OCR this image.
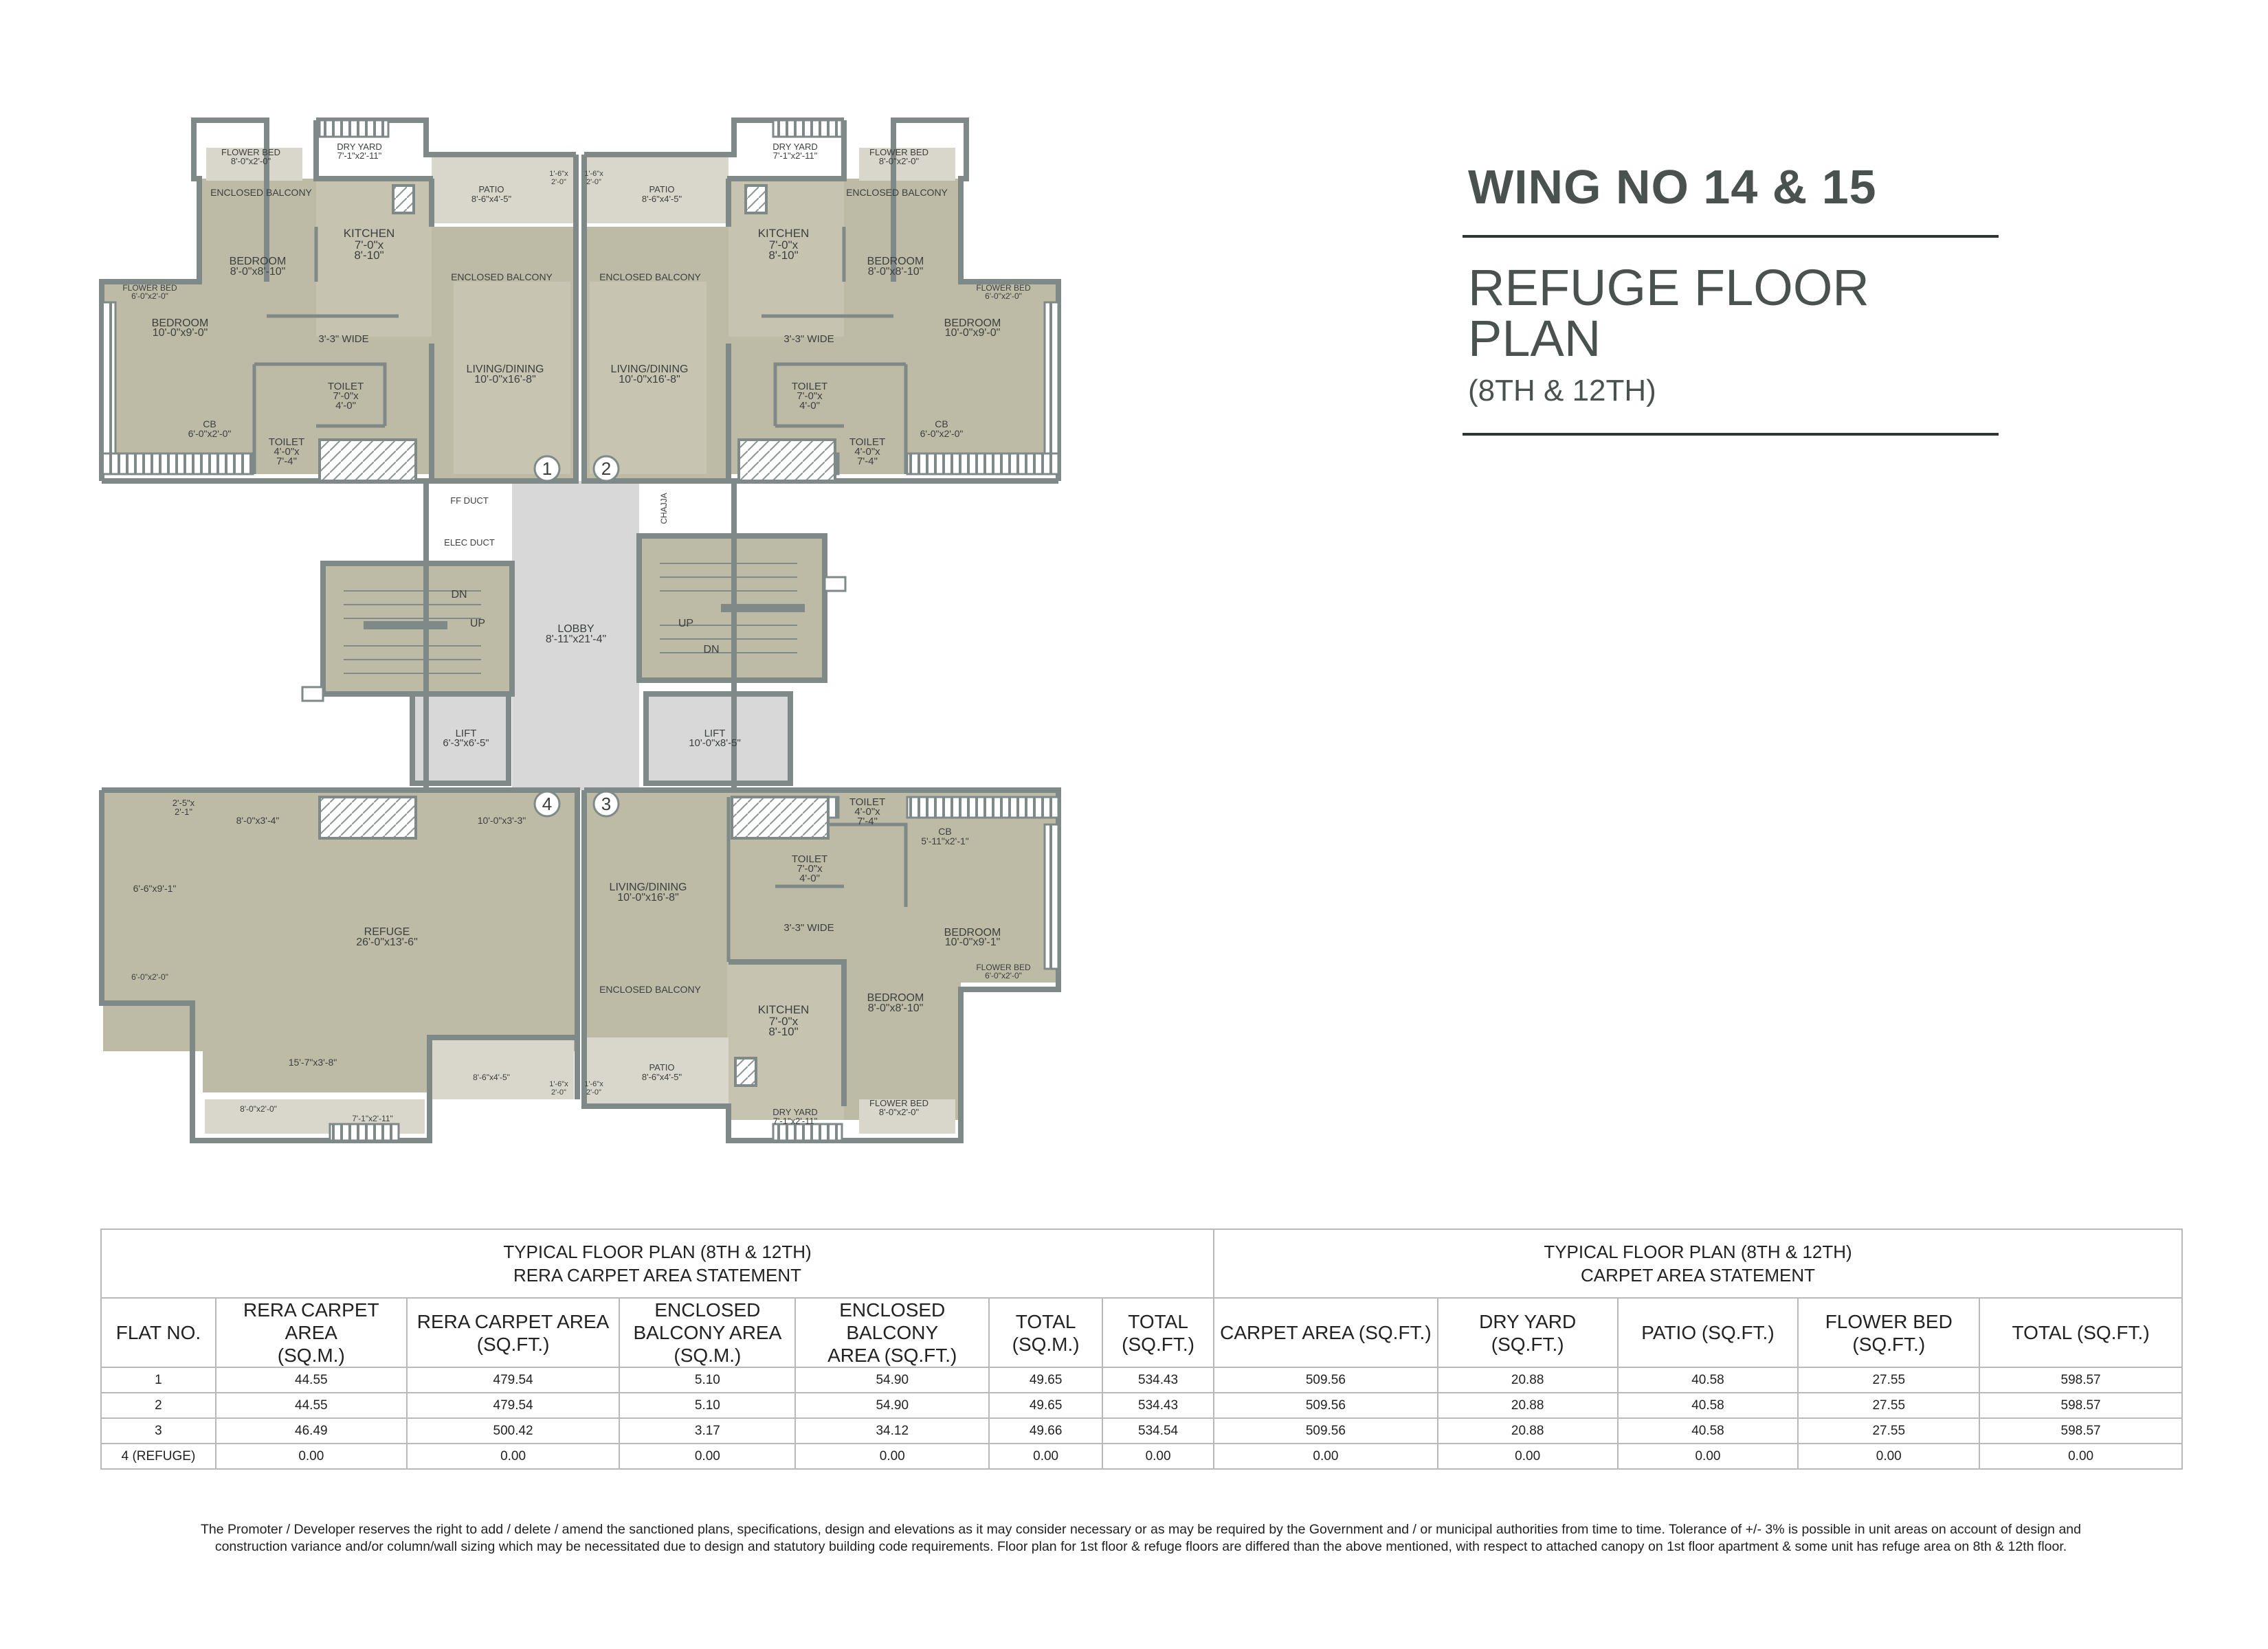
1	2
3
4
FLOWER BED 8'-0"x2'-0"
DRY YARD 7'-1"x2'-11"
PATIO 8'-6"x4'-5"
1'-6"x 2'-0"
ENCLOSED BALCONY
ENCLOSED BALCONY
KITCHEN 7'-0"x 8'-10"
BEDROOM 8'-0"x8'-10"
FLOWER BED 6'-0"x2'-0"
BEDROOM 10'-0"x9'-0"
3'-3" WIDE
LIVING/DINING 10'-0"x16'-8"
TOILET 7'-0"x 4'-0"
CB 6'-0"x2'-0"
TOILET 4'-0"x 7'-4"
FLOWER BED 8'-0"x2'-0"
DRY YARD 7'-1"x2'-11"
PATIO 8'-6"x4'-5"
1'-6"x 2'-0"
ENCLOSED BALCONY
ENCLOSED BALCONY
KITCHEN 7'-0"x 8'-10"	BEDROOM 8'-0"x8'-10"
FLOWER BED 6'-0"x2'-0"
BEDROOM 10'-0"x9'-0"
3'-3" WIDE
LIVING/DINING 10'-0"x16'-8"
TOILET 7'-0"x 4'-0"
CB 6'-0"x2'-0"
TOILET 4'-0"x 7'-4"
FF DUCT
ELEC DUCT
CHAJJA
LOBBY 8'-11"x21'-4"
DN
UP	UP
DN
LIFT 6'-3"x6'-5"
LIFT 10'-0"x8'-5"
2'-5"x 2'-1"
8'-0"x3'-4"	10'-0"x3'-3"
6'-6"x9'-1"
REFUGE 26'-0"x13'-6"
6'-0"x2'-0"
15'-7"x3'-8"
8'-6"x4'-5"
8'-0"x2'-0"
7'-1"x2'-11"
TOILET 4'-0"x 7'-4"
CB 5'-11"x2'-1"
TOILET 7'-0"x 4'-0"
LIVING/DINING 10'-0"x16'-8"
3'-3" WIDE	BEDROOM 10'-0"x9'-1"
FLOWER BED 6'-0"x2'-0"
ENCLOSED BALCONY
BEDROOM 8'-0"x8'-10"
KITCHEN 7'-0"x 8'-10"
1'-6"x 2'-0"
1'-6"x 2'-0"
PATIO 8'-6"x4'-5"
FLOWER BED 8'-0"x2'-0"
DRY YARD 7'-1"x2'-11"
WING NO 14 & 15
REFUGE FLOOR PLAN
(8TH & 12TH)
TYPICAL FLOOR PLAN (8TH & 12TH)
RERA CARPET AREA STATEMENT							TYPICAL FLOOR PLAN (8TH & 12TH)
CARPET AREA STATEMENT				
FLAT NO.	RERA CARPET AREA
(SQ.M.)	RERA CARPET AREA
(SQ.FT.)	ENCLOSED
BALCONY AREA
(SQ.M.)	ENCLOSED BALCONY
AREA (SQ.FT.)	TOTAL
(SQ.M.)	TOTAL
(SQ.FT.)	CARPET AREA (SQ.FT.)	DRY YARD (SQ.FT.)	PATIO (SQ.FT.)	FLOWER BED
(SQ.FT.)	TOTAL (SQ.FT.)
1	44.55	479.54	5.10	54.90	49.65	534.43	509.56	20.88	40.58	27.55	598.57
2	44.55	479.54	5.10	54.90	49.65	534.43	509.56	20.88	40.58	27.55	598.57
3	46.49	500.42	3.17	34.12	49.66	534.54	509.56	20.88	40.58	27.55	598.57
4 (REFUGE)	0.00	0.00	0.00	0.00	0.00	0.00	0.00	0.00	0.00	0.00	0.00
The Promoter / Developer reserves the right to add / delete / amend the sanctioned plans, specifications, design and elevations as it may consider necessary or as may be required by the Government and / or municipal authorities from time to time. Tolerance of +/- 3% is possible in unit areas on account of design and
construction variance and/or column/wall sizing which may be necessitated due to design and statutory building code requirements. Floor plan for 1st floor & refuge floors are differed than the above mentioned, with respect to attached canopy on 1st floor apartment & some unit has refuge area on 8th & 12th floor.
